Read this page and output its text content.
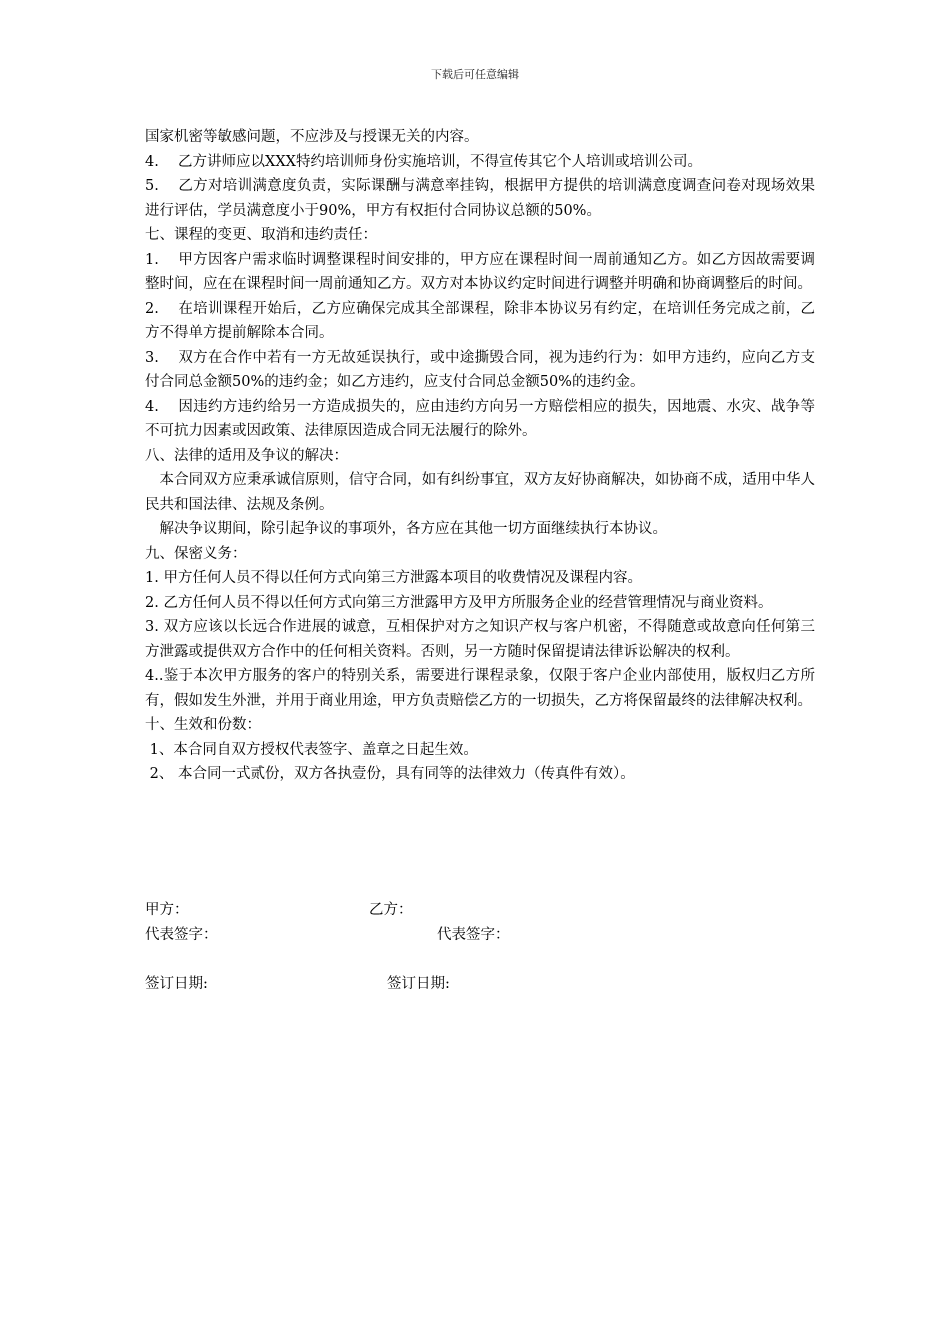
下载后可任意编辑

国家机密等敏感问题，不应涉及与授课无关的内容。

4. 乙方讲师应以XXX特约培训师身份实施培训，不得宣传其它个人培训或培训公司。

5. 乙方对培训满意度负责，实际课酬与满意率挂钩，根据甲方提供的培训满意度调查问卷对现场效果进行评估，学员满意度小于90%，甲方有权拒付合同协议总额的50%。

七、课程的变更、取消和违约责任：

1. 甲方因客户需求临时调整课程时间安排的，甲方应在课程时间一周前通知乙方。如乙方因故需要调整时间，应在在课程时间一周前通知乙方。双方对本协议约定时间进行调整并明确和协商调整后的时间。

2. 在培训课程开始后，乙方应确保完成其全部课程，除非本协议另有约定，在培训任务完成之前，乙方不得单方提前解除本合同。

3. 双方在合作中若有一方无故延误执行，或中途撕毁合同，视为违约行为：如甲方违约，应向乙方支付合同总金额50%的违约金；如乙方违约，应支付合同总金额50%的违约金。

4. 因违约方违约给另一方造成损失的，应由违约方向另一方赔偿相应的损失，因地震、水灾、战争等不可抗力因素或因政策、法律原因造成合同无法履行的除外。

八、法律的适用及争议的解决：

本合同双方应秉承诚信原则，信守合同，如有纠纷事宜，双方友好协商解决，如协商不成，适用中华人民共和国法律、法规及条例。

解决争议期间，除引起争议的事项外，各方应在其他一切方面继续执行本协议。

九、保密义务：

1. 甲方任何人员不得以任何方式向第三方泄露本项目的收费情况及课程内容。

2. 乙方任何人员不得以任何方式向第三方泄露甲方及甲方所服务企业的经营管理情况与商业资料。

3. 双方应该以长远合作进展的诚意，互相保护对方之知识产权与客户机密，不得随意或故意向任何第三方泄露或提供双方合作中的任何相关资料。否则，另一方随时保留提请法律诉讼解决的权利。

4..鉴于本次甲方服务的客户的特别关系，需要进行课程录象，仅限于客户企业内部使用，版权归乙方所有，假如发生外泄，并用于商业用途，甲方负责赔偿乙方的一切损失，乙方将保留最终的法律解决权利。

十、生效和份数：

1、本合同自双方授权代表签字、盖章之日起生效。

2、 本合同一式贰份，双方各执壹份，具有同等的法律效力（传真件有效）。

甲方：	乙方：
代表签字：	代表签字：
签订日期:	签订日期:
